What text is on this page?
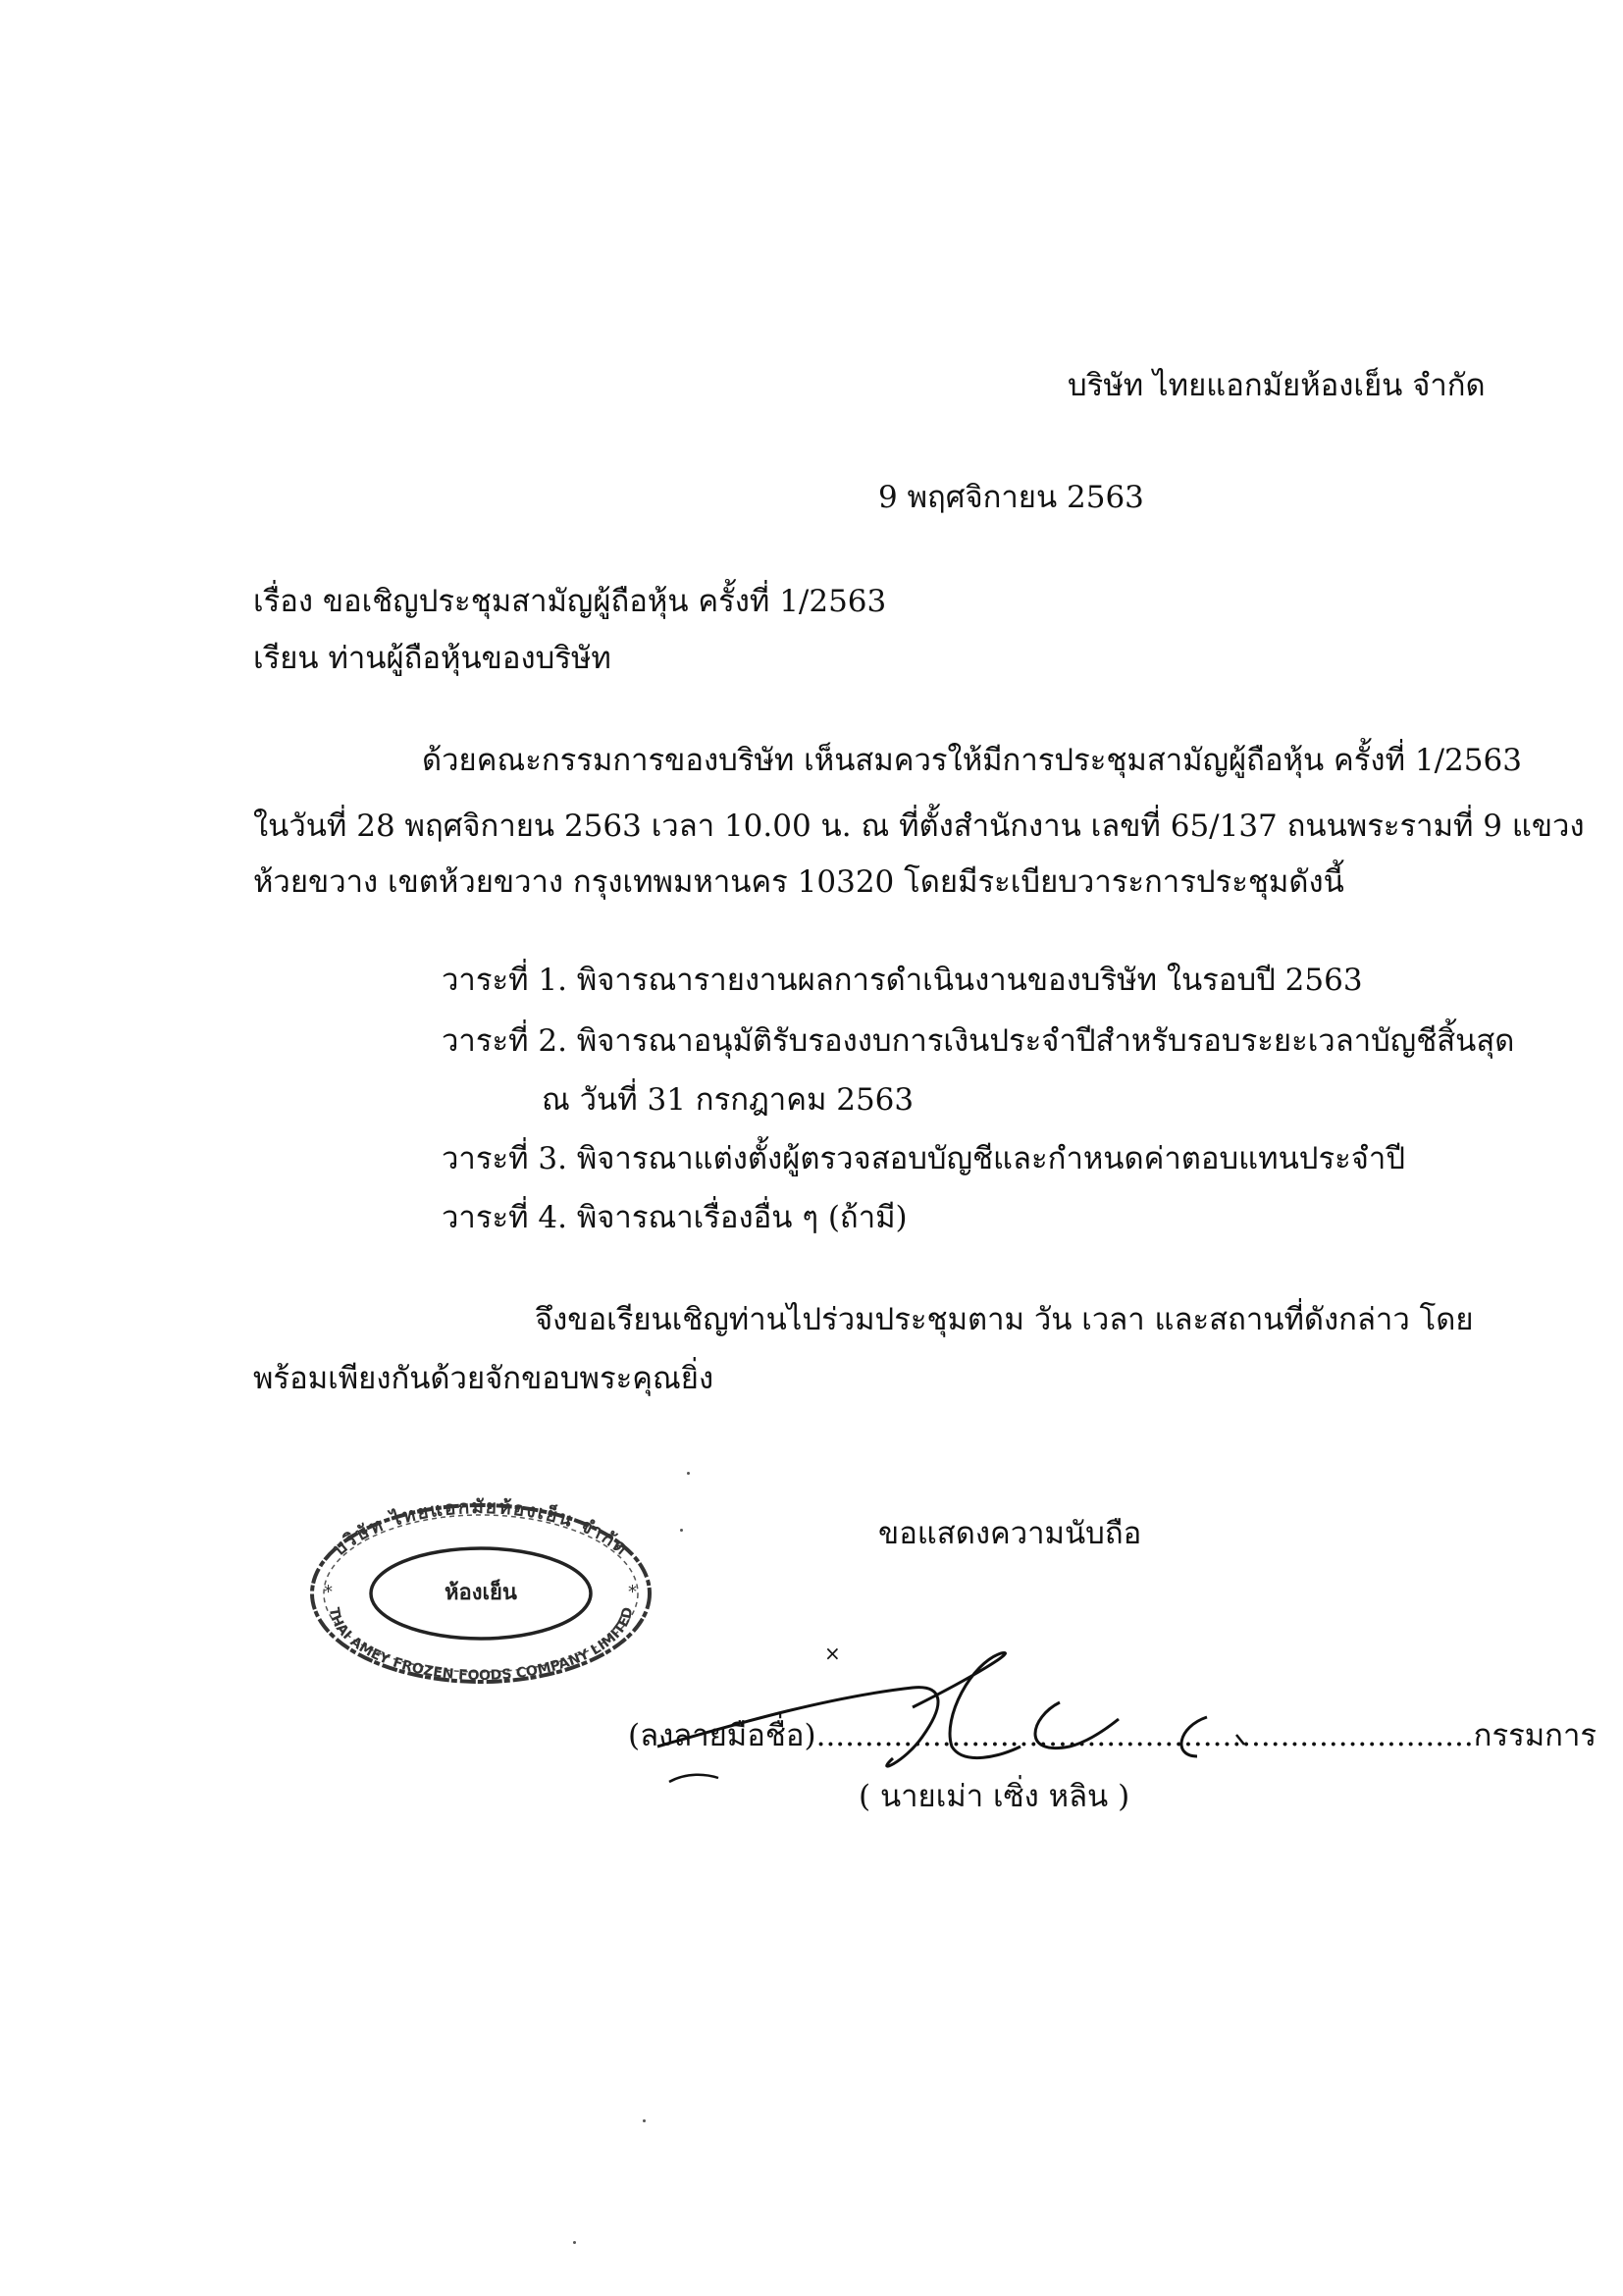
บริษัท ไทยแอกมัยห้องเย็น จำกัด
9 พฤศจิกายน 2563
เรื่อง ขอเชิญประชุมสามัญผู้ถือหุ้น ครั้งที่ 1/2563
เรียน ท่านผู้ถือหุ้นของบริษัท
ด้วยคณะกรรมการของบริษัท เห็นสมควรให้มีการประชุมสามัญผู้ถือหุ้น ครั้งที่ 1/2563
ในวันที่ 28 พฤศจิกายน 2563 เวลา 10.00 น. ณ ที่ตั้งสำนักงาน เลขที่ 65/137 ถนนพระรามที่ 9 แขวง
ห้วยขวาง เขตห้วยขวาง กรุงเทพมหานคร 10320 โดยมีระเบียบวาระการประชุมดังนี้
วาระที่ 1. พิจารณารายงานผลการดำเนินงานของบริษัท ในรอบปี 2563
วาระที่ 2. พิจารณาอนุมัติรับรองงบการเงินประจำปีสำหรับรอบระยะเวลาบัญชีสิ้นสุด
ณ วันที่ 31 กรกฎาคม 2563
วาระที่ 3. พิจารณาแต่งตั้งผู้ตรวจสอบบัญชีและกำหนดค่าตอบแทนประจำปี
วาระที่ 4. พิจารณาเรื่องอื่น ๆ (ถ้ามี)
จึงขอเรียนเชิญท่านไปร่วมประชุมตาม วัน เวลา และสถานที่ดังกล่าว โดย
พร้อมเพียงกันด้วยจักขอบพระคุณยิ่ง
ขอแสดงความนับถือ
บริษัท ไทยแอกมัยห้องเย็น จำกัด
THAI AMEY FROZEN FOODS COMPANY LIMITED
ห้องเย็น
*	*
(ลงลายมือชื่อ)....................................................................กรรมการ
×
( นายเม่า เซิ่ง หลิน )
